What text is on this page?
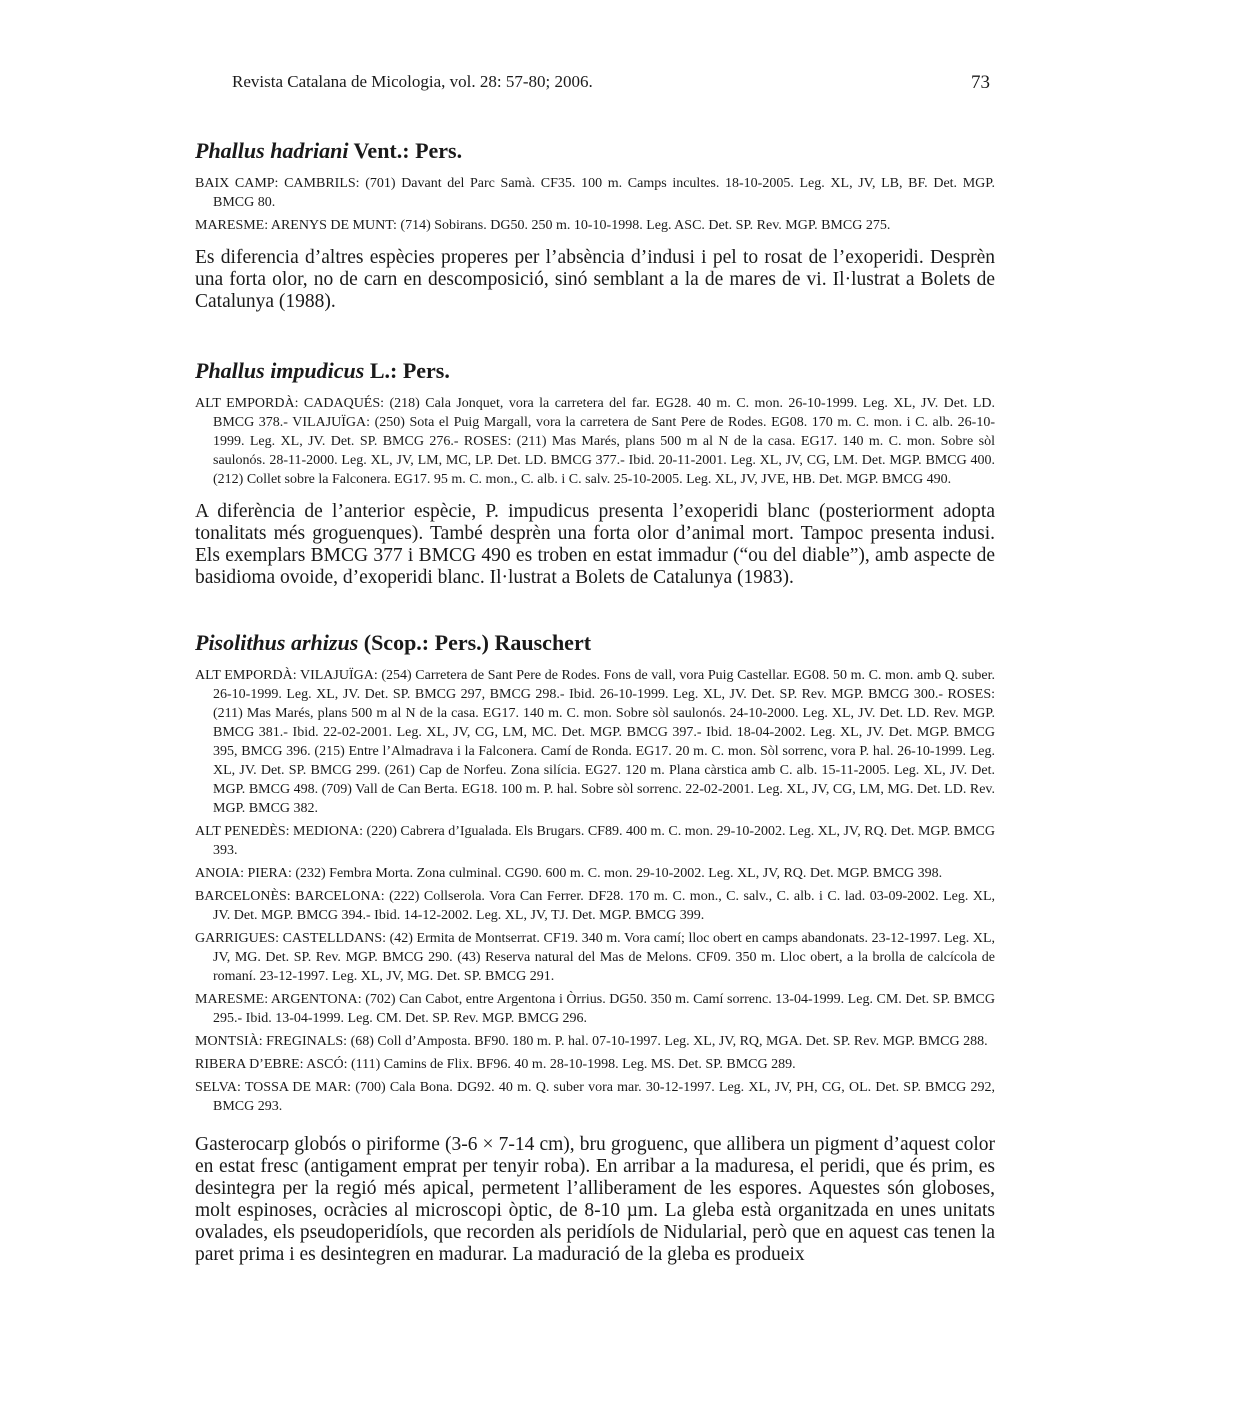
Revista Catalana de Micologia, vol. 28: 57-80; 2006.	73
Phallus hadriani Vent.: Pers.

BAIX CAMP: CAMBRILS: (701) Davant del Parc Samà. CF35. 100 m. Camps incultes. 18-10-2005. Leg. XL, JV, LB, BF. Det. MGP. BMCG 80.

MARESME: ARENYS DE MUNT: (714) Sobirans. DG50. 250 m. 10-10-1998. Leg. ASC. Det. SP. Rev. MGP. BMCG 275.

Es diferencia d’altres espècies properes per l’absència d’indusi i pel to rosat de l’exoperidi. Desprèn una forta olor, no de carn en descomposició, sinó semblant a la de mares de vi. Il·lustrat a Bolets de Catalunya (1988).

Phallus impudicus L.: Pers.

ALT EMPORDÀ: CADAQUÉS: (218) Cala Jonquet, vora la carretera del far. EG28. 40 m. C. mon. 26-10-1999. Leg. XL, JV. Det. LD. BMCG 378.- VILAJUÏGA: (250) Sota el Puig Margall, vora la carretera de Sant Pere de Rodes. EG08. 170 m. C. mon. i C. alb. 26-10-1999. Leg. XL, JV. Det. SP. BMCG 276.- ROSES: (211) Mas Marés, plans 500 m al N de la casa. EG17. 140 m. C. mon. Sobre sòl saulonós. 28-11-2000. Leg. XL, JV, LM, MC, LP. Det. LD. BMCG 377.- Ibid. 20-11-2001. Leg. XL, JV, CG, LM. Det. MGP. BMCG 400. (212) Collet sobre la Falconera. EG17. 95 m. C. mon., C. alb. i C. salv. 25-10-2005. Leg. XL, JV, JVE, HB. Det. MGP. BMCG 490.

A diferència de l’anterior espècie, P. impudicus presenta l’exoperidi blanc (posteriorment adopta tonalitats més groguenques). També desprèn una forta olor d’animal mort. Tampoc presenta indusi. Els exemplars BMCG 377 i BMCG 490 es troben en estat immadur (“ou del diable”), amb aspecte de basidioma ovoide, d’exoperidi blanc. Il·lustrat a Bolets de Catalunya (1983).

Pisolithus arhizus (Scop.: Pers.) Rauschert

ALT EMPORDÀ: VILAJUÏGA: (254) Carretera de Sant Pere de Rodes. Fons de vall, vora Puig Castellar. EG08. 50 m. C. mon. amb Q. suber. 26-10-1999. Leg. XL, JV. Det. SP. BMCG 297, BMCG 298.- Ibid. 26-10-1999. Leg. XL, JV. Det. SP. Rev. MGP. BMCG 300.- ROSES: (211) Mas Marés, plans 500 m al N de la casa. EG17. 140 m. C. mon. Sobre sòl saulonós. 24-10-2000. Leg. XL, JV. Det. LD. Rev. MGP. BMCG 381.- Ibid. 22-02-2001. Leg. XL, JV, CG, LM, MC. Det. MGP. BMCG 397.- Ibid. 18-04-2002. Leg. XL, JV. Det. MGP. BMCG 395, BMCG 396. (215) Entre l’Almadrava i la Falconera. Camí de Ronda. EG17. 20 m. C. mon. Sòl sorrenc, vora P. hal. 26-10-1999. Leg. XL, JV. Det. SP. BMCG 299. (261) Cap de Norfeu. Zona silícia. EG27. 120 m. Plana càrstica amb C. alb. 15-11-2005. Leg. XL, JV. Det. MGP. BMCG 498. (709) Vall de Can Berta. EG18. 100 m. P. hal. Sobre sòl sorrenc. 22-02-2001. Leg. XL, JV, CG, LM, MG. Det. LD. Rev. MGP. BMCG 382.

ALT PENEDÈS: MEDIONA: (220) Cabrera d’Igualada. Els Brugars. CF89. 400 m. C. mon. 29-10-2002. Leg. XL, JV, RQ. Det. MGP. BMCG 393.

ANOIA: PIERA: (232) Fembra Morta. Zona culminal. CG90. 600 m. C. mon. 29-10-2002. Leg. XL, JV, RQ. Det. MGP. BMCG 398.

BARCELONÈS: BARCELONA: (222) Collserola. Vora Can Ferrer. DF28. 170 m. C. mon., C. salv., C. alb. i C. lad. 03-09-2002. Leg. XL, JV. Det. MGP. BMCG 394.- Ibid. 14-12-2002. Leg. XL, JV, TJ. Det. MGP. BMCG 399.

GARRIGUES: CASTELLDANS: (42) Ermita de Montserrat. CF19. 340 m. Vora camí; lloc obert en camps abandonats. 23-12-1997. Leg. XL, JV, MG. Det. SP. Rev. MGP. BMCG 290. (43) Reserva natural del Mas de Melons. CF09. 350 m. Lloc obert, a la brolla de calcícola de romaní. 23-12-1997. Leg. XL, JV, MG. Det. SP. BMCG 291.

MARESME: ARGENTONA: (702) Can Cabot, entre Argentona i Òrrius. DG50. 350 m. Camí sorrenc. 13-04-1999. Leg. CM. Det. SP. BMCG 295.- Ibid. 13-04-1999. Leg. CM. Det. SP. Rev. MGP. BMCG 296.

MONTSIÀ: FREGINALS: (68) Coll d’Amposta. BF90. 180 m. P. hal. 07-10-1997. Leg. XL, JV, RQ, MGA. Det. SP. Rev. MGP. BMCG 288.

RIBERA D’EBRE: ASCÓ: (111) Camins de Flix. BF96. 40 m. 28-10-1998. Leg. MS. Det. SP. BMCG 289.

SELVA: TOSSA DE MAR: (700) Cala Bona. DG92. 40 m. Q. suber vora mar. 30-12-1997. Leg. XL, JV, PH, CG, OL. Det. SP. BMCG 292, BMCG 293.

Gasterocarp globós o piriforme (3-6 × 7-14 cm), bru groguenc, que allibera un pigment d’aquest color en estat fresc (antigament emprat per tenyir roba). En arribar a la maduresa, el peridi, que és prim, es desintegra per la regió més apical, permetent l’alliberament de les espores. Aquestes són globoses, molt espinoses, ocràcies al microscopi òptic, de 8-10 µm. La gleba està organitzada en unes unitats ovalades, els pseudoperidíols, que recorden als peridíols de Nidularial, però que en aquest cas tenen la paret prima i es desintegren en madurar. La maduració de la gleba es produeix
